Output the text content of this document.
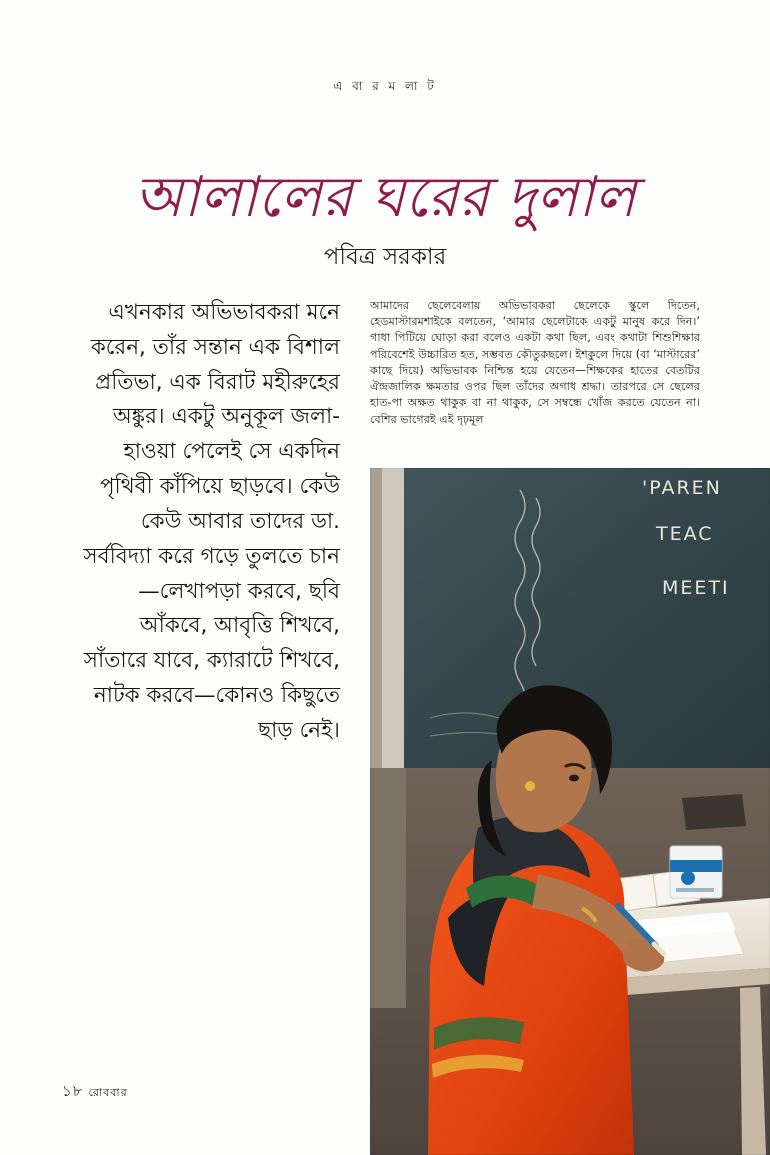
এ বা র ম লা ট
আলালের ঘরের দুলাল
পবিত্র সরকার
এখনকার অভিভাবকরা মনে করেন, তাঁর সন্তান এক বিশাল প্রতিভা, এক বিরাট মহীরুহের অঙ্কুর। একটু অনুকূল জলা-হাওয়া পেলেই সে একদিন পৃথিবী কাঁপিয়ে ছাড়বে। কেউ কেউ আবার তাদের ডা. সর্ববিদ্যা করে গড়ে তুলতে চান—লেখাপড়া করবে, ছবি আঁকবে, আবৃত্তি শিখবে, সাঁতারে যাবে, ক্যারাটে শিখবে, নাটক করবে—কোনও কিছুতে ছাড় নেই।
আমাদের ছেলেবেলায় অভিভাবকরা ছেলেকে স্কুলে দিতেন, হেডমাস্টারমশাইকে বলতেন, ‘আমার ছেলেটাকে একটু মানুষ করে দিন।’ গাধা পিটিয়ে ঘোড়া করা বলেও একটা কথা ছিল, এবং কথাটা শিশুশিক্ষার পরিবেশেই উচ্চারিত হত, সম্ভবত কৌতুকছলে। ইশকুলে দিয়ে (বা ‘মাস্টারের’ কাছে দিয়ে) অভিভাবক নিশ্চিন্ত হয়ে যেতেন—শিক্ষকের হাতের বেতটির ঐন্দ্রজালিক ক্ষমতার ওপর ছিল তাঁদের অগাধ শ্রদ্ধা। তারপরে সে ছেলের হাত-পা অক্ষত থাকুক বা না থাকুক, সে সম্বন্ধে খোঁজ করতে যেতেন না। বেশির ভাগেরই এই দৃঢ়মূল
'PAREN
TEAC
MEETI
১৮ রোববার
